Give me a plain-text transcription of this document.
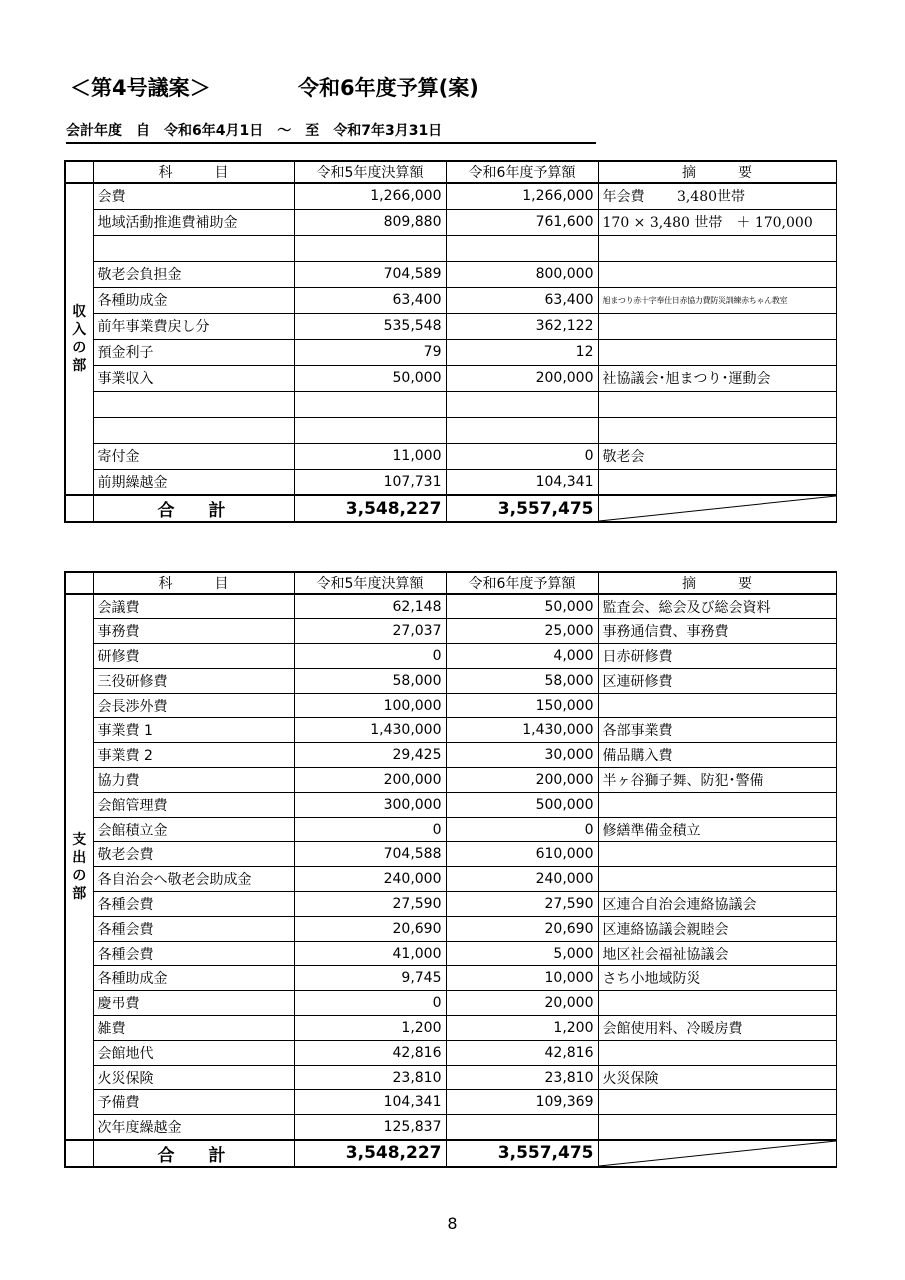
＜第4号議案＞	令和6年度予算(案)
会計年度　自　令和6年4月1日　～　至　令和7年3月31日
	科　　　目	令和5年度決算額	令和6年度予算額	摘　　　要
収入の部	会費	1,266,000	1,266,000	年会費　　 3,480世帯
	地域活動推進費補助金	809,880	761,600	170 × 3,480 世帯　＋ 170,000

	敬老会負担金	704,589	800,000	
	各種助成金	63,400	63,400	旭まつり赤十字奉仕日赤協力費防災訓練赤ちゃん教室
	前年事業費戻し分	535,548	362,122	
	預金利子	79	12	
	事業収入	50,000	200,000	社協議会･旭まつり･運動会

	寄付金	11,000	0	敬老会
	前期繰越金	107,731	104,341	
	合計	3,548,227	3,557,475	
	科　　　目	令和5年度決算額	令和6年度予算額	摘　　　要
支出の部	会議費	62,148	50,000	監査会、総会及び総会資料
	事務費	27,037	25,000	事務通信費、事務費
	研修費	0	4,000	日赤研修費
	三役研修費	58,000	58,000	区連研修費
	会長渉外費	100,000	150,000	
	事業費 1	1,430,000	1,430,000	各部事業費
	事業費 2	29,425	30,000	備品購入費
	協力費	200,000	200,000	半ヶ谷獅子舞、防犯･警備
	会館管理費	300,000	500,000	
	会館積立金	0	0	修繕準備金積立
	敬老会費	704,588	610,000	
	各自治会へ敬老会助成金	240,000	240,000	
	各種会費	27,590	27,590	区連合自治会連絡協議会
	各種会費	20,690	20,690	区連絡協議会親睦会
	各種会費	41,000	5,000	地区社会福祉協議会
	各種助成金	9,745	10,000	さち小地域防災
	慶弔費	0	20,000	
	雑費	1,200	1,200	会館使用料、冷暖房費
	会館地代	42,816	42,816	
	火災保険	23,810	23,810	火災保険
	予備費	104,341	109,369	
	次年度繰越金	125,837		
	合計	3,548,227	3,557,475	
8
